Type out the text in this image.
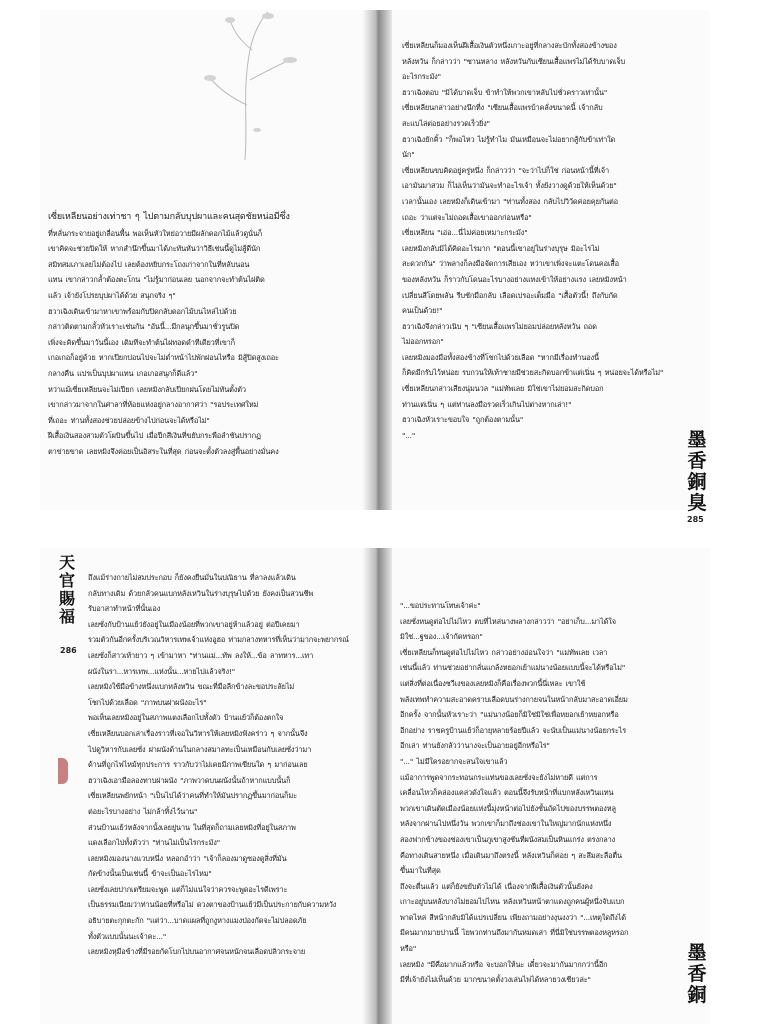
เซี่ยเหลียนอย่างเท่าชา ๆ ไปตามกลับบุปผาและคนสุดชัยหน่อมีซึ่ง
ที่หลั่นกระจายอยู่เกลื่อนพื้น พอเห็นหัวใหย่อวายมีผลักดอกไม้แล้วดูนั่นก็
เขาคิดจะช่วยปิดให้ หากสำนึกขึ้นมาได้ภะทันหันว่าวิธีเช่นนี้ดูไม่สู้ดีนัก
สมิทสมเภาเลยไม่ต้องไป เลยต้องหยิบกระโถงเก่าจากในที่หลับนอน
แทน เขากล่าวกล้ำต้องตะโกน "ไม่รู้มาก่อนเลย นอกจากจะทำต้นไผ่ติด
แล้ว เจ้ายังโปรยบุปผาได้ด้วย สนุกจริง ๆ"
ฮวาเฉิงเดินเข้ามาหาเขาพร้อมกับปิดกลับดอกไม้บนไหล่ไปด้วย
กล่าวติดตามกลั้วหัวเราะเช่นกัน "อันนี้...มีกลนุกขึ้นมาชั่วรูนปิด
เพิ่งจะคิดขึ้นมาวันนี้เอง เดิมทีจะทำต้นไผ่ทอดดำทีเดียวที่เขาก็
เกอเกอก็อยู่ด้วย หากเปียกปอนไปจะไม่ต่ำหน้าไปพักผ่อนไหรือ มิสู้ปิดสูงเถอะ
กลางคืน แปรเป็นบุปผาแทน เกอเกอสนุกก็ดีแล้ว"
หว่าแม้เซี่ยเหลียนจะไม่เปียก เลยหมิงกลับเปียกฝนโดยไม่ทันตั้งตัว
เขากล่าวมาจากในศาลาที่ห้อยแห่งอยู่กลางอากาศว่า "รอประเทศใหม่
ที่เถอะ ท่านทั้งสองช่วยปล่อยข้างไปก่อนจะได้หรือไม่"
ฝีเสื้อเงินสองสามตัวโผบินขึ้นไป เมื่อปีกสีเงินที่ขยับกระพือลำชันปรากฏ
ตาข่ายขาด เลยหมิงจึงค่อยเป็นอิสระในที่สุด ก่อนจะตั้งตัวลงสู่พื้นอย่างมั่นคง
เซี่ยเหลียนก็มองเห็นฝีเสื้อเงินตัวหนึ่งเกาะอยู่ที่กลางสะบักทั้งสองข้างของ
หลังหวัน ก็กล่าวว่า "ซานหลาง หลังหวันกับเซียนเสื้อแพรไม่ได้รับบาดเจ็บ
อะไรกระมัง"
ฮวาเฉิงตอบ "มิได้บาดเจ็บ ข้าทำให้พวกเขาหลับไปชั่วคราวเท่านั้น"
เซี่ยเหลียนกล่าวอย่างนึกที่ง "เซียนเสื้อแพรบ้าคลั่งขนาดนี้ เจ้ากลับ
สะแบไล่ต่อยอย่างรวดเร็วยิ่ง"
ฮวาเฉิงยักคิ้ว "ก็พอไหว ไม่รู้ทำไม มันเหมือนจะไม่อยากสู้กับข้าเท่าใด
นัก"
เซี่ยเหลียนขบคิดอยู่ครู่หนึ่ง ก็กล่าวว่า "จะว่าไปก็ใช่ ก่อนหน้านี้ที่เจ้า
เอามันมาสวม ก็ไม่เห็นว่ามันจะทำอะไรเจ้า ทั้งยังวางดูด้วยให้เห็นด้วย"
เวลานั้นเอง เลยหมิงก็เดินเข้ามา "ท่านทั้งสอง กลับไปวิวัดค่อยคุยกันต่อ
เถอะ ว่าแต่จะไม่ถอดเสื้อเขาออกก่อนหรือ"
เซี่ยเหลียน "เอ่อ...นี่ไม่ค่อยเหมาะกระมัง"
เลยหมิงกลับมิได้คิดอะไรมาก "ตอนนี้เขาอยู่ในร่างบุรุษ มิอะไรไม่
สะดวกกัน" ว่าพลางก็ลงมือจัดการเสียเอง หว่าเขาเพิ่งจะแตะโดนคอเสื้อ
ของหลังหวัน ก็ราวกับโดนอะไรบางอย่างแทงเข้าให้อย่างแรง เลยหมิงหน้า
เปลี่ยนสีโดยพลัน รีบชักมือกลับ เลือดเปรอะเต็มมือ "เสื้อตัวนี้! ถึงกับกัด
คนเป็นด้วย!"
ฮวาเฉิงจึงกล่าวเนิบ ๆ "เซียนเสื้อแพรไม่ยอมปล่อยหลังหวัน ถอด
ไม่ออกหรอก"
เลยหมิงมองมือทั้งสองข้างที่โชกไปด้วยเลือด "หากมีเรื่องทำนองนี้
ก็คิดมีกรับไว้หน่อย รบกวนให้เท้าชายมีช่วยสะกิดบอกข้าแต่เนิ่น ๆ หน่อยจะได้หรือไม่"
เซี่ยเหลียนกล่าวเสียงนุ่มนวล "แม่ทัพเลย มิใช่เขาไม่ยอมสะกิดบอก
ท่านแต่เนิ่น ๆ แต่ท่านลงมือรวดเร็วเกินไปต่างหากเล่า!"
ฮวาเฉิงหัวเราะขอบใจ "ถูกต้องตามนั้น"
"..."	墨香銅臭
285
天官賜福
286
ถึงแม้ร่างกายไม่สมประกอบ ก็ยังคงยืนมั่นในปณิธาน ที่ลาลงแล้วเดิน
กลับทางเดิม ด้วยกลัวคนแบกหลังเหวินในร่างบุรุษไปด้วย ยังคงเป็นสวนชีพ
รับอาสาทำหน้าที่นั้นเอง
เลยซั่งกับป้านแย้ว่ยังอยู่ในเมืองน้อยที่พวกเขาอยู่ห้าแล้วอยู่ ต่อปีเคยมา
รวมตัวกันอีกครั้งบริเวณวิหารเทพเจ้าแห่งอูฮอ ท่ามกลางทหารที่เห็นว่ามากจะพยากรณ์
เลยซั่งก็สาวเท้ายาว ๆ เข้ามาหา "ท่านแม่...ทัพ ลงให้...ข้อ ลาทหาร...เทา
ผนังในรา...หารเทพ...แห่งนั้น...หายไปแล้วจริง!"
เลยหมิงใช้มือข้างหนึ่งแบกหลังหวิน ขณะที่มือลีกข้างละขอประลัยไม่
โชกไปด้วยเลือด "ภาพบนฝาผนังอะไร"
พอเห็นเลยหมิงอยู่ในสภาพแตงเลือกไปทั้งตัว ป้านแย้ว่ก็ต้องตกใจ
เซี่ยเหลียนบอกเล่าเรื่องราวที่เจอในวิหารให้เลยหมิงฟังคร่าว ๆ จากนั้นจึง
ไปดูวิหารกับเลยซั่ง ฝาผนังด้านในกลางสมาลทะเป็นเหมือนกับเลยซั่งว่ามา
ด้านที่ถูกไฟไหม้ทุกประการ ราวกับว่าไม่เคยมีภาพเขียนใด ๆ มาก่อนเลย
ฮวาเฉิงเอามือลองทาบฝาผนัง "ภาพวาดบนผนังนั้นถ้าหากแบบนั้นก็
เซี่ยเหลียนพยักหน้า "เป็นไปได้ว่าคนที่ทำให้มันปรากฏขึ้นมาก่อนก็มะ
ต่อยะไรบางอย่าง ไม่กล้าทิ้งไว้นาน"
ส่วนป้านแย้ว่หลังจากนั้งเลยยู่นาน ในที่สุดก็ถามเลยหมิงที่อยู่ในสภาพ
แดงเลือกไปทั้งตัวว่า "ท่านไม่เป็นไรกระมัง"
เลยหมิงมองนางแวบหนึ่ง หลอกอำว่า "เจ้าก็ลองมาดูซองดูสิ่งที่มัน
กัดข้างนั้นเป็นเช่นนี้ ข้าจะเป็นอะไรไหม"
เลยซั่งเลยปากเตรียมจะพูด แต่ก็ไม่แน่ใจว่าควรจะพูดอะไรดีเพราะ
เป็นธรรมเนียมว่าท่านน้อยที่หรือไม่ ดวงตาของป้านแย้ว่มีเป็นประกายกับความหวัง
อธิบายตะกุกตะกัก "แต่ว่า...บาดแผลที่ถูกงูหางแมงป่องกัดจะไม่ปลอดภัย
ทั้งตัวแบบนั้นนะเจ้าคะ..."
เลยหมิงหุมีอข้างที่มีรอยกัดโบกไปบนอากาศจนหนักจนเลือดปลิวกระจาย
"...ขอประทานโทษเจ้าค่ะ"
เลยซั่งหนดูต่อไปไม่ไหว ตบที่ไหล่นางพลางกล่าวว่า "อย่าเก็บ...มาได้ใจ
มิใช่...ฐของ...เจ้ากัดหรอก"
เซี่ยเหลียนก็ทนดูต่อไปไม่ไหว กล่าวอย่างอ่อนใจว่า "แม่ทัพเลย เวลา
เช่นนี้แล้ว ท่านช่วยอย่ากลั่นแกล้งหยอกเย้าแม่นางน้อยแบบนี้จะได้หรือไม่"
แต่สิ่งที่ต่อเนื่องชวีเงของเลยหมิงก็คือเรื่องพวกนี้นี่เหละ เขาใช้
พลังเทพทำความสะอาดคราบเลือดบนร่างกายจนในหน้ากลับมาสะอาดเอี่ยม
อีกครั้ง จากนั้นหัวเราะว่า "แม่นางน้อยก็มิใช่มิใช่เพื่อหยอกเย้าหยอกหรือ
อีกอย่าง ราชครูป้านแย้ว่ก็อายุหลายร้อยปีแล้ว จะนับเป็นแม่นางน้อยกระไร
อีกเล่า ท่านยังกลัวว่านางจะเป็นอายอยู่อีกหรือไร"
"..." ไม่มีใครอยากจะสนใจเขาแล้ว
แม้อาการพูดจากระทอนกระแท่นของเลยซั่งจะยังไม่หายดี แต่การ
เคลื่อนไหวก็คล่องแคล่วดังใจแล้ว ตอนนี้จึงรับหน้าที่แบกหลังเหวินแทน
พวกเขาเดินตัดเมืองน้อยแห่งนี้มุ่งหน้าต่อไปยังชั้นถัดไปของบรรพตองหลู
หลังจากผ่านไปหนึ่งวัน พวกเขาก็มาถึงช่องเขาในใหญ่มากนักแห่งหนึ่ง
สองฟากข้างของช่องเขาเป็นภูเขาสูงชันที่ผนังสมเป็นหินแกร่ง ตรงกลาง
คือทางเดินสายหนึ่ง เมื่อเดินมาถึงตรงนี้ หลังเหวินก็ค่อย ๆ สะลึมสะลือตื่น
ขึ้นมาในที่สุด
ถึงจะตื่นแล้ว แต่ก็ยังขยับตัวไม่ได้ เนื่องจากฝีเสื้อเงินตัวนั้นยังคง
เกาะอยู่บนหลังบางไม่ยอมไปไหน หลังเหวินหน้าตาแดงถูกคนผู้หนึ่งจับแบก
พาดไหล่ สีหน้ากลับมิได้แปรเปลี่ยน เพียงถามอย่างงุนงงว่า "...เหตุใดถึงได้
มีคนมากมายปานนี้ ไยพวกท่านถึงมากันหมดเล่า ที่นี่มิใช่บรรพตองหลูหรอก
หรือ"
เลยหมิง "มีคือมากแล้วหรือ จะบอกให้นะ เดี๋ยวจะมากันมากกว่านี้อีก
มีที่เจ้ายังไม่เห็นด้วย มากขนาดตั้งวงเล่นไพ่ได้หลายวงเชียวล่ะ"
墨香銅
